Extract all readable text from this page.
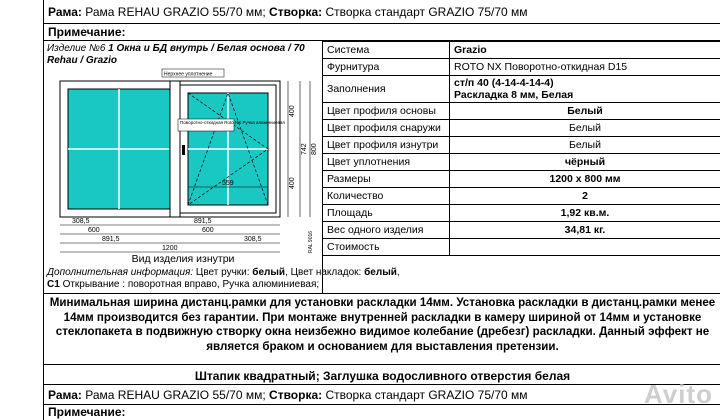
Рама: Рама REHAU GRAZIO 55/70 мм; Створка: Створка стандарт GRAZIO 75/70 мм
Примечание:
Изделие №6 1 Окна и БД внутрь / Белая основа / 70 Rehau / Grazio
Нерхнее уплотнение
Поворотно-откидная Roto NX Ручка алюминиевая
559
400
742 800
400
308,5	891,5
600	600
891,5	308,5
1200	RAL 9016
Вид изделия изнутри
Система	Grazio
Фурнитура	ROTO NX Поворотно-откидная D15
Заполнения	ст/п 40 (4-14-4-14-4)
Раскладка 8 мм, Белая
Цвет профиля основы	Белый
Цвет профиля снаружи	Белый
Цвет профиля изнутри	Белый
Цвет уплотнения	чёрный
Размеры	1200 x 800 мм
Количество	2
Площадь	1,92 кв.м.
Вес одного изделия	34,81 кг.
Стоимость	
Дополнительная информация: Цвет ручки: белый, Цвет накладок: белый,
C1 Открывание : поворотная вправо, Ручка алюминиевая;
Минимальная ширина дистанц.рамки для установки раскладки 14мм. Установка раскладки в дистанц.рамки менее 14мм производится без гарантии. При монтаже внутренней раскладки в камеру шириной от 14мм и установке стеклопакета в подвижную створку окна неизбежно видимое колебание (дребезг) раскладки. Данный эффект не является браком и основанием для выставления претензии.
Штапик квадратный; Заглушка водосливного отверстия белая
Рама: Рама REHAU GRAZIO 55/70 мм; Створка: Створка стандарт GRAZIO 75/70 мм
Примечание:
Avito
